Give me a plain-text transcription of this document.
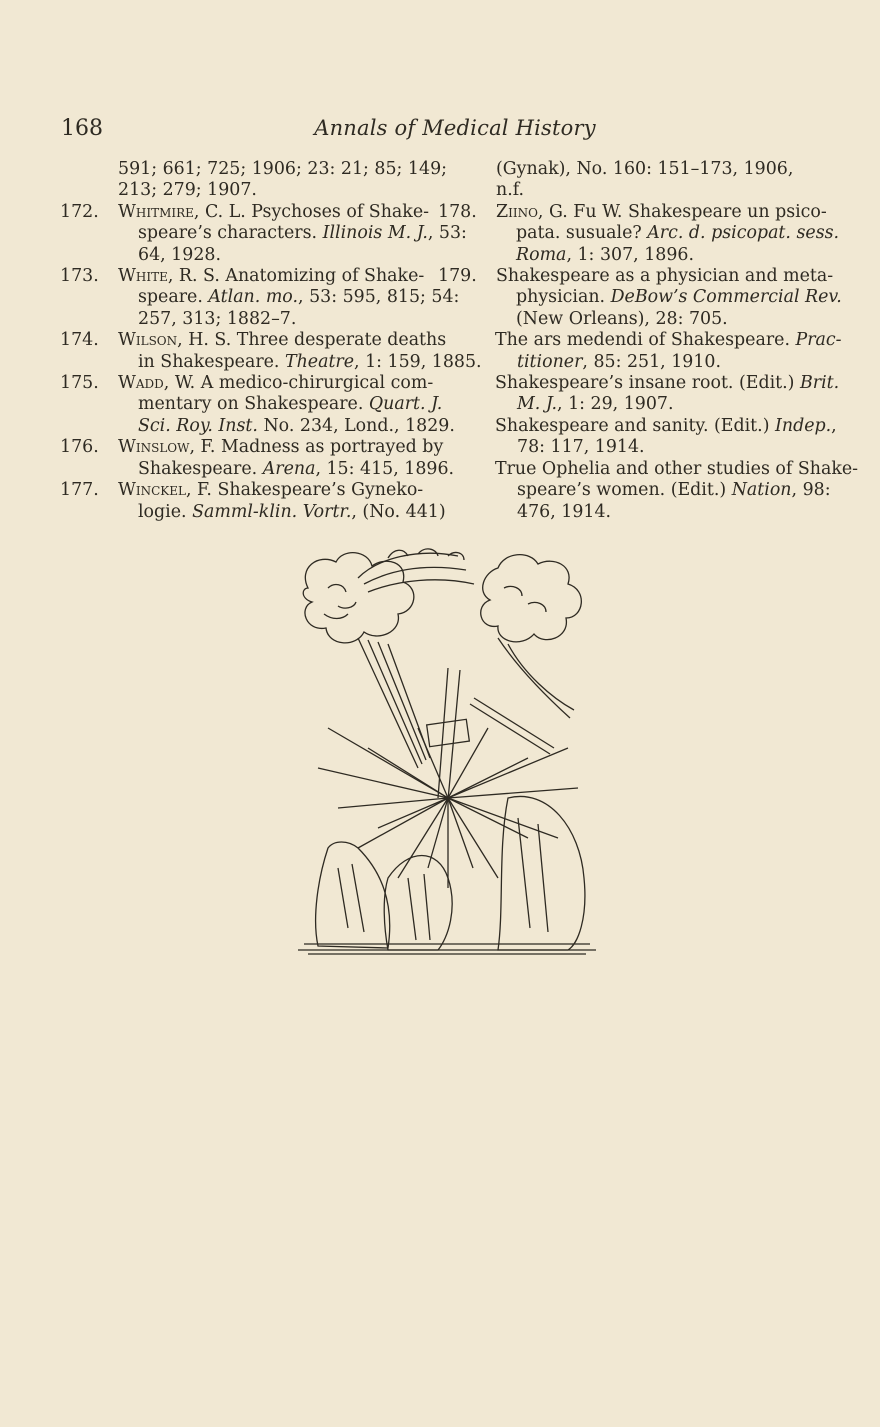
168	Annals of Medical History
591; 661; 725; 1906; 23: 21; 85; 149;
213; 279; 1907.
172. Whitmire, C. L. Psychoses of Shake-
speare’s characters. Illinois M. J., 53:
64, 1928.
173. White, R. S. Anatomizing of Shake-
speare. Atlan. mo., 53: 595, 815; 54:
257, 313; 1882–7.
174. Wilson, H. S. Three desperate deaths
in Shakespeare. Theatre, 1: 159, 1885.
175. Wadd, W. A medico-chirurgical com-
mentary on Shakespeare. Quart. J.
Sci. Roy. Inst. No. 234, Lond., 1829.
176. Winslow, F. Madness as portrayed by
Shakespeare. Arena, 15: 415, 1896.
177. Winckel, F. Shakespeare’s Gyneko-
logie. Samml-klin. Vortr., (No. 441)
(Gynak), No. 160: 151–173, 1906,
n.f.
178. Ziino, G. Fu W. Shakespeare un psico-
pata. susuale? Arc. d. psicopat. sess.
Roma, 1: 307, 1896.
179. Shakespeare as a physician and meta-
physician. DeBow’s Commercial Rev.
(New Orleans), 28: 705.
The ars medendi of Shakespeare. Prac-
titioner, 85: 251, 1910.
Shakespeare’s insane root. (Edit.) Brit.
M. J., 1: 29, 1907.
Shakespeare and sanity. (Edit.) Indep.,
78: 117, 1914.
True Ophelia and other studies of Shake-
speare’s women. (Edit.) Nation, 98:
476, 1914.
